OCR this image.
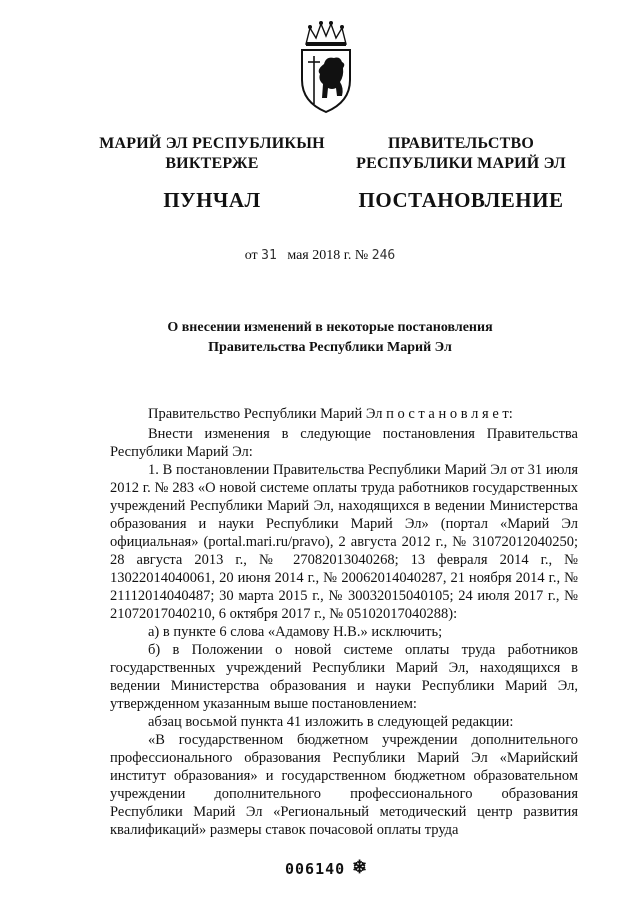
МАРИЙ ЭЛ РЕСПУБЛИКЫН
ВИКТЕРЖЕ
ПУНЧАЛ
ПРАВИТЕЛЬСТВО
РЕСПУБЛИКИ МАРИЙ ЭЛ
ПОСТАНОВЛЕНИЕ
от 31 мая 2018 г. № 246
О внесении изменений в некоторые постановления
Правительства Республики Марий Эл

Правительство Республики Марий Эл п о с т а н о в л я е т:

Внести изменения в следующие постановления Правительства Республики Марий Эл:

1. В постановлении Правительства Республики Марий Эл от 31 июля 2012 г. № 283 «О новой системе оплаты труда работников государственных учреждений Республики Марий Эл, находящихся в ведении Министерства образования и науки Республики Марий Эл» (портал «Марий Эл официальная» (portal.mari.ru/pravo), 2 августа 2012 г., № 31072012040250; 28 августа 2013 г., № 27082013040268; 13 февраля 2014 г., № 13022014040061, 20 июня 2014 г., № 20062014040287, 21 ноября 2014 г., № 21112014040487; 30 марта 2015 г., № 30032015040105; 24 июля 2017 г., № 21072017040210, 6 октября 2017 г., № 05102017040288):

а) в пункте 6 слова «Адамову Н.В.» исключить;

б) в Положении о новой системе оплаты труда работников государственных учреждений Республики Марий Эл, находящихся в ведении Министерства образования и науки Республики Марий Эл, утвержденном указанным выше постановлением:

абзац восьмой пункта 41 изложить в следующей редакции:

«В государственном бюджетном учреждении дополнительного профессионального образования Республики Марий Эл «Марийский институт образования» и государственном бюджетном образовательном учреждении дополнительного профессионального образования Республики Марий Эл «Региональный методический центр развития квалификаций» размеры ставок почасовой оплаты труда

006140 ❄
